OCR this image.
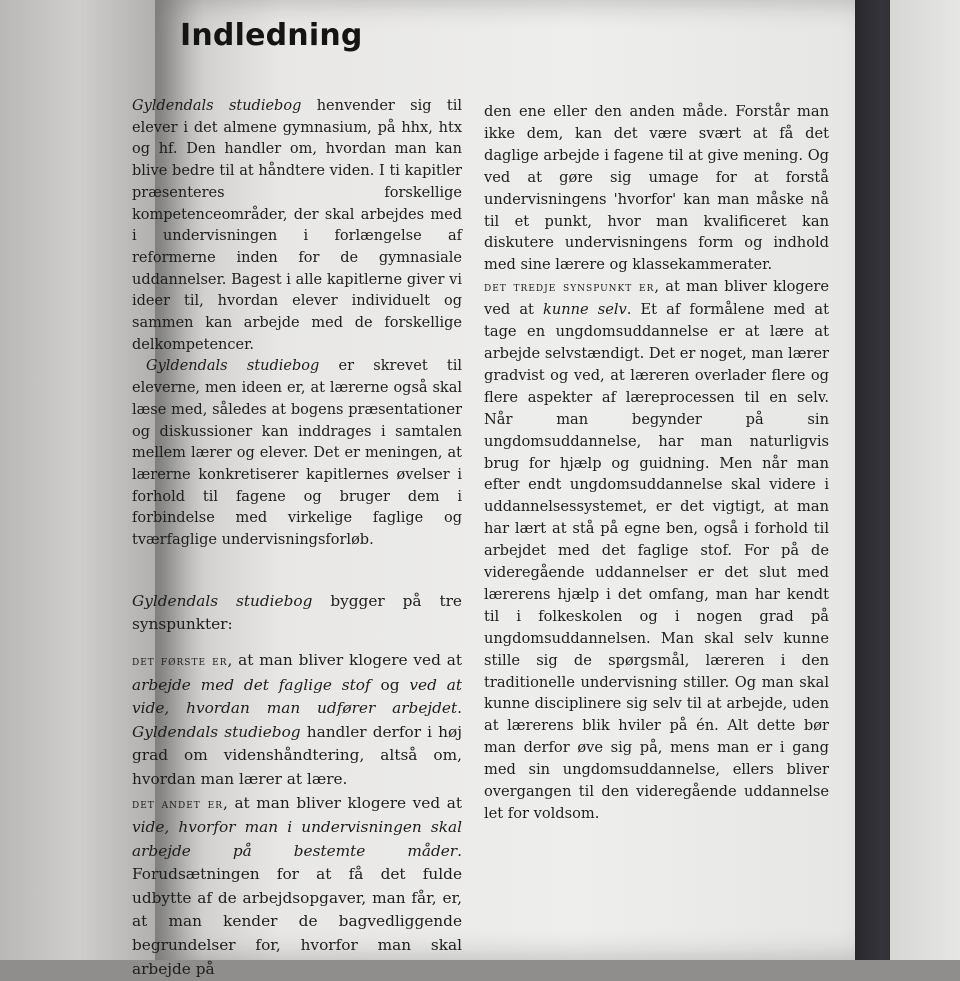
Indledning

Gyldendals studiebog henvender sig til elever i det almene gymnasium, på hhx, htx og hf. Den handler om, hvordan man kan blive bedre til at håndtere viden. I ti kapitler præsenteres forskellige kompetenceområder, der skal arbejdes med i undervisningen i forlængelse af reformerne inden for de gymnasiale uddannelser. Bagest i alle kapitlerne giver vi ideer til, hvordan elever individuelt og sammen kan arbejde med de forskellige delkompetencer.

Gyldendals studiebog er skrevet til eleverne, men ideen er, at lærerne også skal læse med, således at bogens præsentationer og diskussioner kan inddrages i samtalen mellem lærer og elever. Det er meningen, at lærerne konkretiserer kapitlernes øvelser i forhold til fagene og bruger dem i forbindelse med virkelige faglige og tværfaglige undervisningsforløb.

Gyldendals studiebog bygger på tre synspunkter:

det første er, at man bliver klogere ved at arbejde med det faglige stof og ved at vide, hvordan man udfører arbejdet. Gyldendals studiebog handler derfor i høj grad om videnshåndtering, altså om, hvordan man lærer at lære.

det andet er, at man bliver klogere ved at vide, hvorfor man i undervisningen skal arbejde på bestemte måder. Forudsætningen for at få det fulde udbytte af de arbejdsopgaver, man får, er, at man kender de bagvedliggende begrundelser for, hvorfor man skal arbejde på

den ene eller den anden måde. Forstår man ikke dem, kan det være svært at få det daglige arbejde i fagene til at give mening. Og ved at gøre sig umage for at forstå undervisningens 'hvorfor' kan man måske nå til et punkt, hvor man kvalificeret kan diskutere undervisningens form og indhold med sine lærere og klassekammerater.

det tredje synspunkt er, at man bliver klogere ved at kunne selv. Et af formålene med at tage en ungdomsuddannelse er at lære at arbejde selvstændigt. Det er noget, man lærer gradvist og ved, at læreren overlader flere og flere aspekter af læreprocessen til en selv. Når man begynder på sin ungdomsuddannelse, har man naturligvis brug for hjælp og guidning. Men når man efter endt ungdomsuddannelse skal videre i uddannelsessystemet, er det vigtigt, at man har lært at stå på egne ben, også i forhold til arbejdet med det faglige stof. For på de videregående uddannelser er det slut med lærerens hjælp i det omfang, man har kendt til i folkeskolen og i nogen grad på ungdomsuddannelsen. Man skal selv kunne stille sig de spørgsmål, læreren i den traditionelle undervisning stiller. Og man skal kunne disciplinere sig selv til at arbejde, uden at lærerens blik hviler på én. Alt dette bør man derfor øve sig på, mens man er i gang med sin ungdomsuddannelse, ellers bliver overgangen til den videregående uddannelse let for voldsom.
